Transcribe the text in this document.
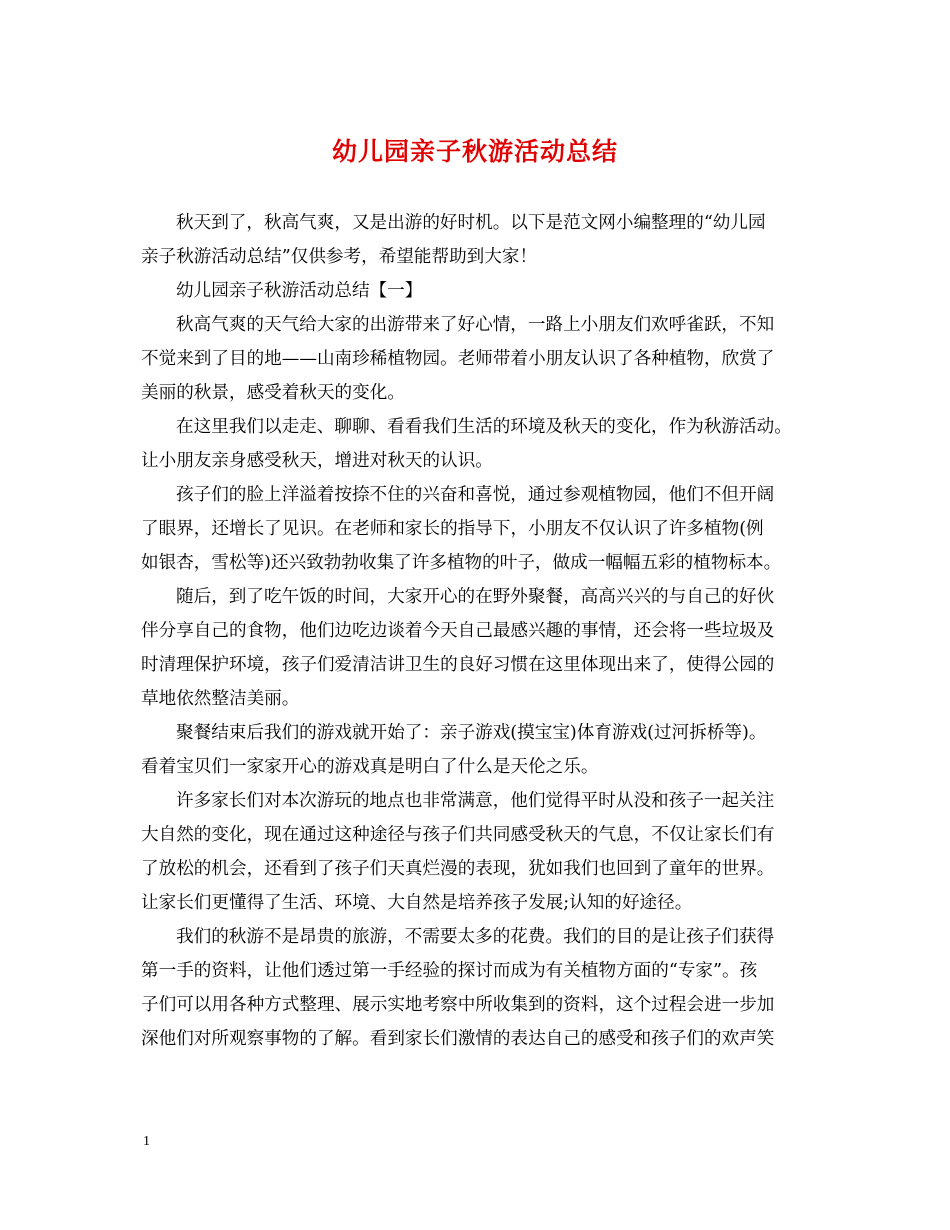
幼儿园亲子秋游活动总结
秋天到了，秋高气爽，又是出游的好时机。以下是范文网小编整理的“幼儿园
亲子秋游活动总结”仅供参考，希望能帮助到大家！
幼儿园亲子秋游活动总结【一】
秋高气爽的天气给大家的出游带来了好心情，一路上小朋友们欢呼雀跃，不知
不觉来到了目的地——山南珍稀植物园。老师带着小朋友认识了各种植物，欣赏了
美丽的秋景，感受着秋天的变化。
在这里我们以走走、聊聊、看看我们生活的环境及秋天的变化，作为秋游活动。
让小朋友亲身感受秋天，增进对秋天的认识。
孩子们的脸上洋溢着按捺不住的兴奋和喜悦，通过参观植物园，他们不但开阔
了眼界，还增长了见识。在老师和家长的指导下，小朋友不仅认识了许多植物(例
如银杏，雪松等)还兴致勃勃收集了许多植物的叶子，做成一幅幅五彩的植物标本。
随后，到了吃午饭的时间，大家开心的在野外聚餐，高高兴兴的与自己的好伙
伴分享自己的食物，他们边吃边谈着今天自己最感兴趣的事情，还会将一些垃圾及
时清理保护环境，孩子们爱清洁讲卫生的良好习惯在这里体现出来了，使得公园的
草地依然整洁美丽。
聚餐结束后我们的游戏就开始了：亲子游戏(摸宝宝)体育游戏(过河拆桥等)。
看着宝贝们一家家开心的游戏真是明白了什么是天伦之乐。
许多家长们对本次游玩的地点也非常满意，他们觉得平时从没和孩子一起关注
大自然的变化，现在通过这种途径与孩子们共同感受秋天的气息，不仅让家长们有
了放松的机会，还看到了孩子们天真烂漫的表现，犹如我们也回到了童年的世界。
让家长们更懂得了生活、环境、大自然是培养孩子发展;认知的好途径。
我们的秋游不是昂贵的旅游，不需要太多的花费。我们的目的是让孩子们获得
第一手的资料，让他们透过第一手经验的探讨而成为有关植物方面的“专家”。孩
子们可以用各种方式整理、展示实地考察中所收集到的资料，这个过程会进一步加
深他们对所观察事物的了解。看到家长们激情的表达自己的感受和孩子们的欢声笑
1
